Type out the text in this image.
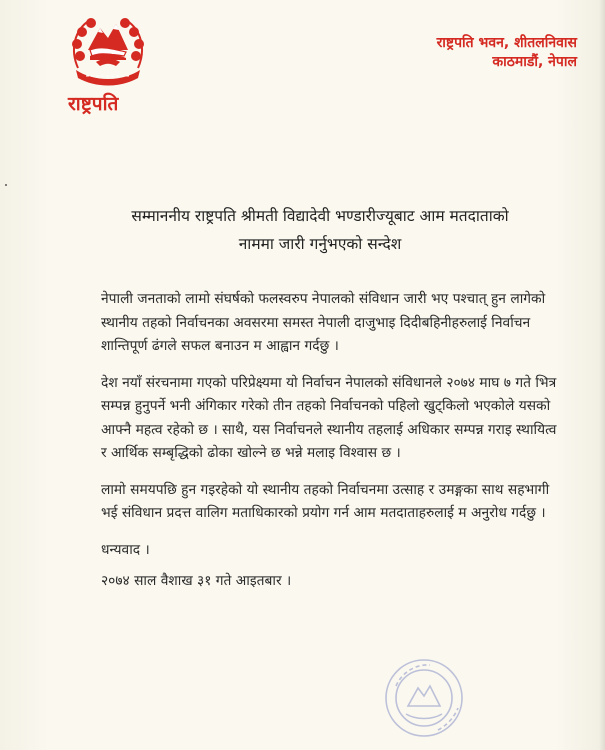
राष्ट्रपति
राष्ट्रपति भवन, शीतलनिवास
काठमाडौं, नेपाल
सम्माननीय राष्ट्रपति श्रीमती विद्यादेवी भण्डारीज्यूबाट आम मतदाताको
नाममा जारी गर्नुभएको सन्देश

नेपाली जनताको लामो संघर्षको फलस्वरुप नेपालको संविधान जारी भए पश्चात् हुन लागेको स्थानीय तहको निर्वाचनका अवसरमा समस्त नेपाली दाजुभाइ दिदीबहिनीहरुलाई निर्वाचन शान्तिपूर्ण ढंगले सफल बनाउन म आह्वान गर्दछु ।

देश नयाँ संरचनामा गएको परिप्रेक्ष्यमा यो निर्वाचन नेपालको संविधानले २०७४ माघ ७ गते भित्र सम्पन्न हुनुपर्ने भनी अंगिकार गरेको तीन तहको निर्वाचनको पहिलो खुट्किलो भएकोले यसको आफ्नै महत्व रहेको छ । साथै, यस निर्वाचनले स्थानीय तहलाई अधिकार सम्पन्न गराइ स्थायित्व र आर्थिक सम्बृद्धिको ढोका खोल्ने छ भन्ने मलाइ विश्वास छ ।

लामो समयपछि हुन गइरहेको यो स्थानीय तहको निर्वाचनमा उत्साह र उमङ्गका साथ सहभागी भई संविधान प्रदत्त वालिग मताधिकारको प्रयोग गर्न आम मतदाताहरुलाई म अनुरोध गर्दछु ।

धन्यवाद ।

२०७४ साल वैशाख ३१ गते आइतबार ।
